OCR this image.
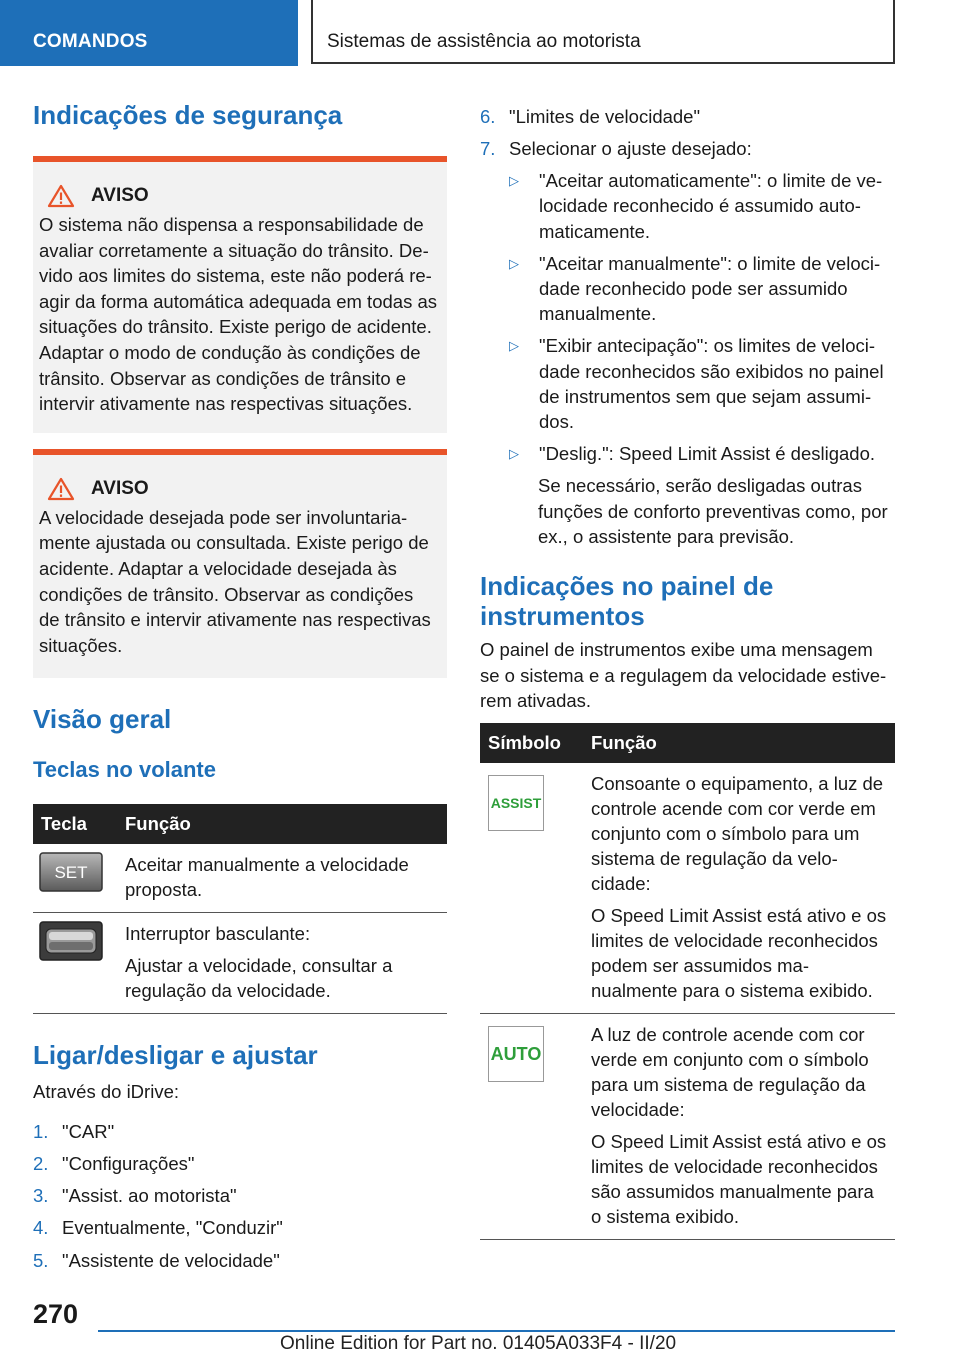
COMANDOS	Sistemas de assistência ao motorista
Indicações de segurança
AVISO
O sistema não dispensa a responsabilidade de avaliar corretamente a situação do trânsito. Devido aos limites do sistema, este não poderá reagir da forma automática adequada em todas as situações do trânsito. Existe perigo de acidente. Adaptar o modo de condução às condições de trânsito. Observar as condições de trânsito e intervir ativamente nas respectivas situações.
AVISO
A velocidade desejada pode ser involuntariamente ajustada ou consultada. Existe perigo de acidente. Adaptar a velocidade desejada às condições de trânsito. Observar as condições de trânsito e intervir ativamente nas respectivas situações.
Visão geral
Teclas no volante
Tecla	Função

SET	Aceitar manualmente a velocidade proposta.

Interruptor basculante:

Ajustar a velocidade, consultar a regulação da velocidade.

Ligar/desligar e ajustar

Através do iDrive:

1. "CAR"
2. "Configurações"
3. "Assist. ao motorista"
4. Eventualmente, "Conduzir"
5. "Assistente de velocidade"
6. "Limites de velocidade"
7. Selecionar o ajuste desejado:
▷	"Aceitar automaticamente": o limite de velocidade reconhecido é assumido automaticamente.
▷	"Aceitar manualmente": o limite de velocidade reconhecido pode ser assumido manualmente.
▷	"Exibir antecipação": os limites de velocidade reconhecidos são exibidos no painel de instrumentos sem que sejam assumidos.
▷	"Deslig.": Speed Limit Assist é desligado.

Se necessário, serão desligadas outras funções de conforto preventivas como, por ex., o assistente para previsão.

Indicações no painel de instrumentos

O painel de instrumentos exibe uma mensagem se o sistema e a regulagem da velocidade estiverem ativadas.

Símbolo	Função

ASSIST	Consoante o equipamento, a luz de controle acende com cor verde em conjunto com o símbolo para um sistema de regulação da velocidade:

O Speed Limit Assist está ativo e os limites de velocidade reconhecidos podem ser assumidos manualmente para o sistema exibido.

AUTO	A luz de controle acende com cor verde em conjunto com o símbolo para um sistema de regulação da velocidade:

O Speed Limit Assist está ativo e os limites de velocidade reconhecidos são assumidos manualmente para o sistema exibido.

270
Online Edition for Part no. 01405A033F4 - II/20
